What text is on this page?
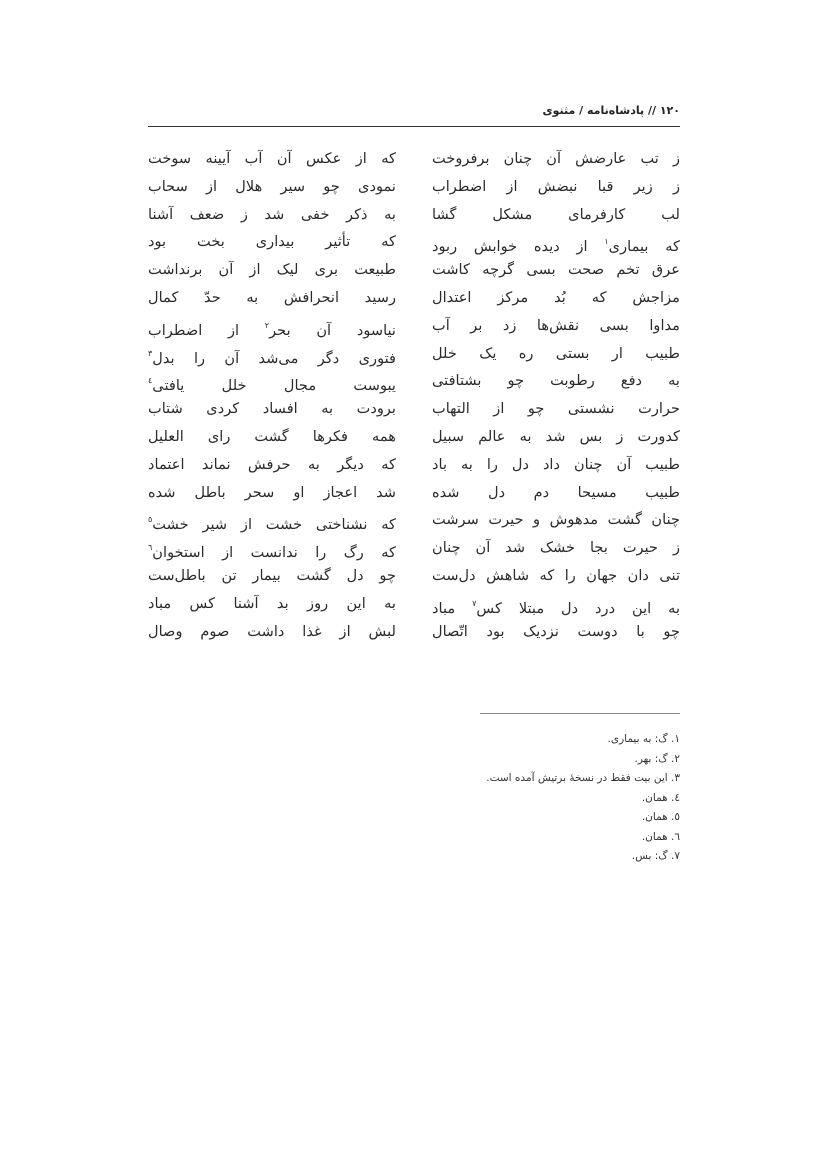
١٢٠ // پادشاه‌نامه / مثنوی
ز تب عارضش آن چنان برفروخت
که از عکس آن آب آیینه سوخت
ز زیر قبا نبضش از اضطراب
نمودی چو سیر هلال از سحاب
لب کارفرمای مشکل گشا
به ذکر خفی شد ز ضعف آشنا
که بیماری$^١$ از دیده خوابش ربود
که تأثیر بیداری بخت بود
عرق تخم صحت بسی گرچه کاشت
طبیعت بری لیک از آن برنداشت
مزاجش که بُد مرکز اعتدال
رسید انحرافش به حدّ کمال
مداوا بسی نقش‌ها زد بر آب
نیاسود آن بحر$^٢$ از اضطراب
طبیب ار بستی ره یک خلل
فتوری دگر می‌شد آن را بدل$^٣$
به دفع رطوبت چو بشتافتی
یبوست مجال خلل یافتی$^٤$
حرارت نشستی چو از التهاب
برودت به افساد کردی شتاب
کدورت ز بس شد به عالم سبیل
همه فکرها گشت رای العلیل
طبیب آن چنان داد دل را به باد
که دیگر به حرفش نماند اعتماد
طبیب مسیحا دم دل شده
شد اعجاز او سحر باطل شده
چنان گشت مدهوش و حیرت سرشت
که نشناختی خشت از شیر خشت$^٥$
ز حیرت بجا خشک شد آن چنان
که رگ را ندانست از استخوان$^٦$
تنی دان جهان را که شاهش دل‌ست
چو دل گشت بیمار تن باطل‌ست
به این درد دل مبتلا کس$^٧$ مباد
به این روز بد آشنا کس مباد
چو با دوست نزدیک بود اتّصال
لبش از غذا داشت صوم وصال
١. گ: به بیماری.
٢. گ: بهر.
٣. این بیت فقط در نسخهٔ برتیش آمده است.
٤. همان.
٥. همان.
٦. همان.
٧. گ: بس.
